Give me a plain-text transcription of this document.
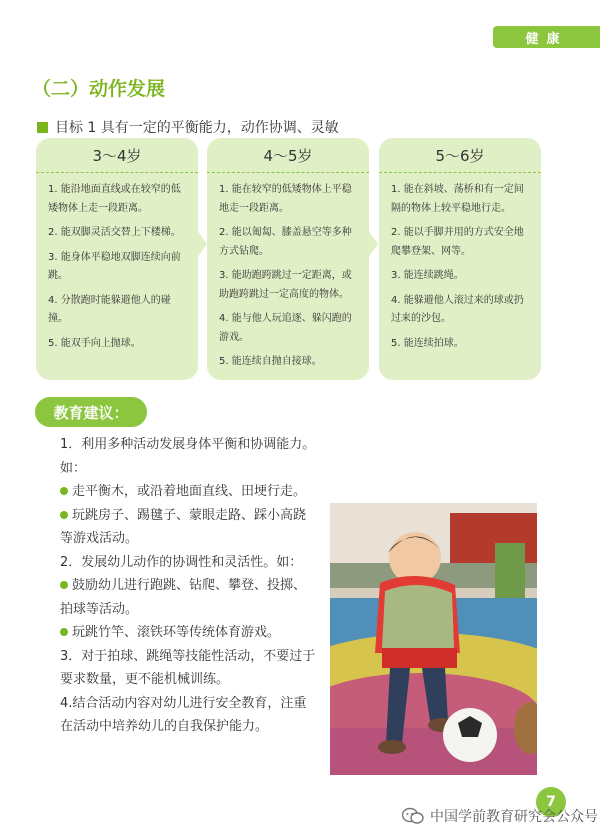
健康
（二）动作发展
目标 1 具有一定的平衡能力，动作协调、灵敏
3～4岁
1. 能沿地面直线或在较窄的低矮物体上走一段距离。
2. 能双脚灵活交替上下楼梯。
3. 能身体平稳地双脚连续向前跳。
4. 分散跑时能躲避他人的碰撞。
5. 能双手向上抛球。
4～5岁
1. 能在较窄的低矮物体上平稳地走一段距离。
2. 能以匍匐、膝盖悬空等多种方式钻爬。
3. 能助跑跨跳过一定距离，或助跑跨跳过一定高度的物体。
4. 能与他人玩追逐、躲闪跑的游戏。
5. 能连续自抛自接球。
5～6岁
1. 能在斜坡、荡桥和有一定间隔的物体上较平稳地行走。
2. 能以手脚并用的方式安全地爬攀登架、网等。
3. 能连续跳绳。
4. 能躲避他人滚过来的球或扔过来的沙包。
5. 能连续拍球。
教育建议：

1．利用多种活动发展身体平衡和协调能力。如：

走平衡木，或沿着地面直线、田埂行走。

玩跳房子、踢毽子、蒙眼走路、踩小高跷等游戏活动。

2．发展幼儿动作的协调性和灵活性。如：

鼓励幼儿进行跑跳、钻爬、攀登、投掷、拍球等活动。

玩跳竹竿、滚铁环等传统体育游戏。

3．对于拍球、跳绳等技能性活动，不要过于要求数量，更不能机械训练。

4.结合活动内容对幼儿进行安全教育，注重在活动中培养幼儿的自我保护能力。

7
中国学前教育研究会公众号
